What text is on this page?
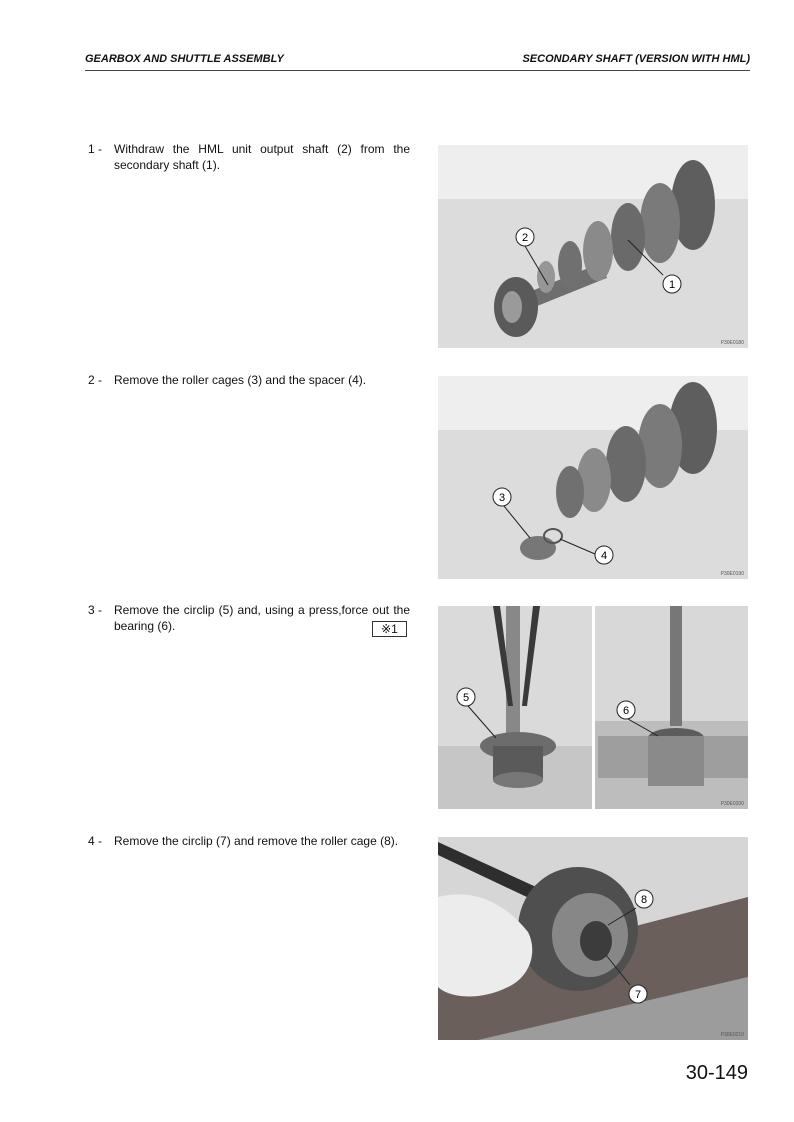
GEARBOX AND SHUTTLE ASSEMBLY	SECONDARY SHAFT (VERSION WITH HML)
1 - Withdraw the HML unit output shaft (2) from the secondary shaft (1).
2 - Remove the roller cages (3) and the spacer (4).
3 - Remove the circlip (5) and, using a press,force out the bearing (6).	※1
4 - Remove the circlip (7) and remove the roller cage (8).
2
1
P30E0180
3
4
P30E0190
5
6
P30E0200
8
7
P30E0210
30-149
